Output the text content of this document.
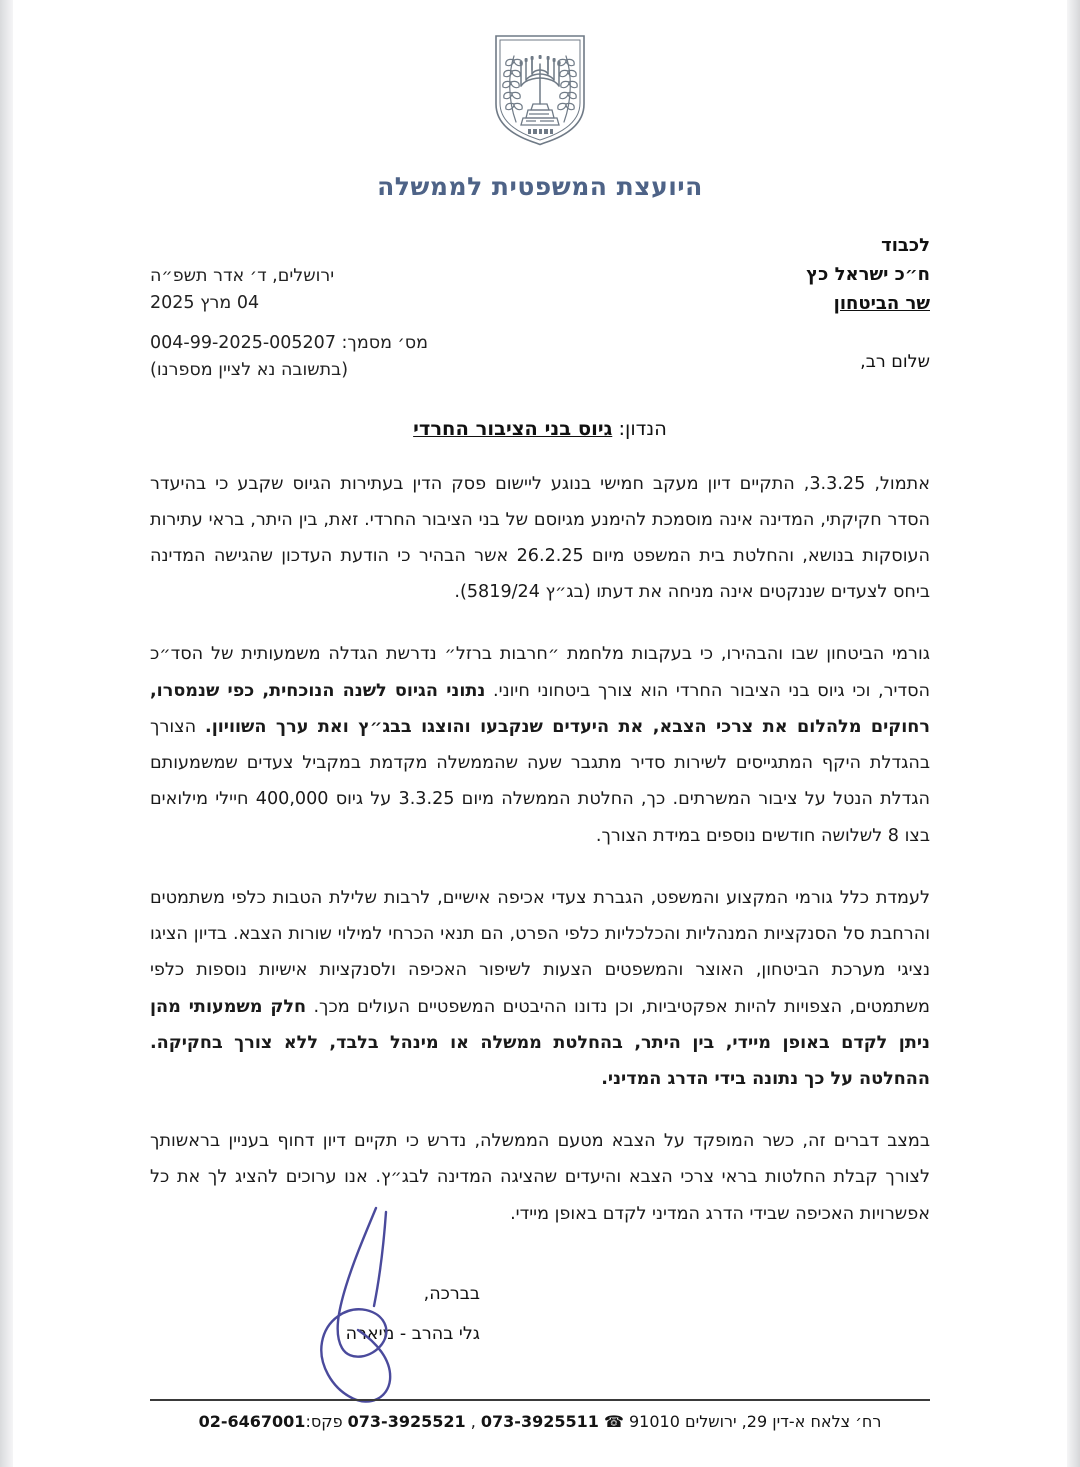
היועצת המשפטית לממשלה
ירושלים, ד׳ אדר תשפ״ה
04 מרץ 2025
מס׳ מסמך: 004-99-2025-005207
(בתשובה נא לציין מספרנו)
לכבוד
ח״כ ישראל כץ
שר הביטחון
שלום רב,
הנדון: גיוס בני הציבור החרדי

אתמול, 3.3.25, התקיים דיון מעקב חמישי בנוגע ליישום פסק הדין בעתירות הגיוס שקבע כי בהיעדר הסדר חקיקתי, המדינה אינה מוסמכת להימנע מגיוסם של בני הציבור החרדי. זאת, בין היתר, בראי עתירות העוסקות בנושא, והחלטת בית המשפט מיום 26.2.25 אשר הבהיר כי הודעת העדכון שהגישה המדינה ביחס לצעדים שננקטים אינה מניחה את דעתו (בג״ץ 5819/24).

גורמי הביטחון שבו והבהירו, כי בעקבות מלחמת ״חרבות ברזל״ נדרשת הגדלה משמעותית של הסד״כ הסדיר, וכי גיוס בני הציבור החרדי הוא צורך ביטחוני חיוני. נתוני הגיוס לשנה הנוכחית, כפי שנמסרו, רחוקים מלהלום את צרכי הצבא, את היעדים שנקבעו והוצגו בבג״ץ ואת ערך השוויון. הצורך בהגדלת היקף המתגייסים לשירות סדיר מתגבר שעה שהממשלה מקדמת במקביל צעדים שמשמעותם הגדלת הנטל על ציבור המשרתים. כך, החלטת הממשלה מיום 3.3.25 על גיוס 400,000 חיילי מילואים בצו 8 לשלושה חודשים נוספים במידת הצורך.

לעמדת כלל גורמי המקצוע והמשפט, הגברת צעדי אכיפה אישיים, לרבות שלילת הטבות כלפי משתמטים והרחבת סל הסנקציות המנהליות והכלכליות כלפי הפרט, הם תנאי הכרחי למילוי שורות הצבא. בדיון הציגו נציגי מערכת הביטחון, האוצר והמשפטים הצעות לשיפור האכיפה ולסנקציות אישיות נוספות כלפי משתמטים, הצפויות להיות אפקטיביות, וכן נדונו ההיבטים המשפטיים העולים מכך. חלק משמעותי מהן ניתן לקדם באופן מיידי, בין היתר, בהחלטת ממשלה או מינהל בלבד, ללא צורך בחקיקה. ההחלטה על כך נתונה בידי הדרג המדיני.

במצב דברים זה, כשר המופקד על הצבא מטעם הממשלה, נדרש כי תקיים דיון דחוף בעניין בראשותך לצורך קבלת החלטות בראי צרכי הצבא והיעדים שהציגה המדינה לבג״ץ. אנו ערוכים להציג לך את כל אפשרויות האכיפה שבידי הדרג המדיני לקדם באופן מיידי.

בברכה,
גלי בהרב - מיארה
רח׳ צלאח א-דין 29, ירושלים 91010 ☎ 073-3925511 , 073-3925521 פקס:02-6467001
